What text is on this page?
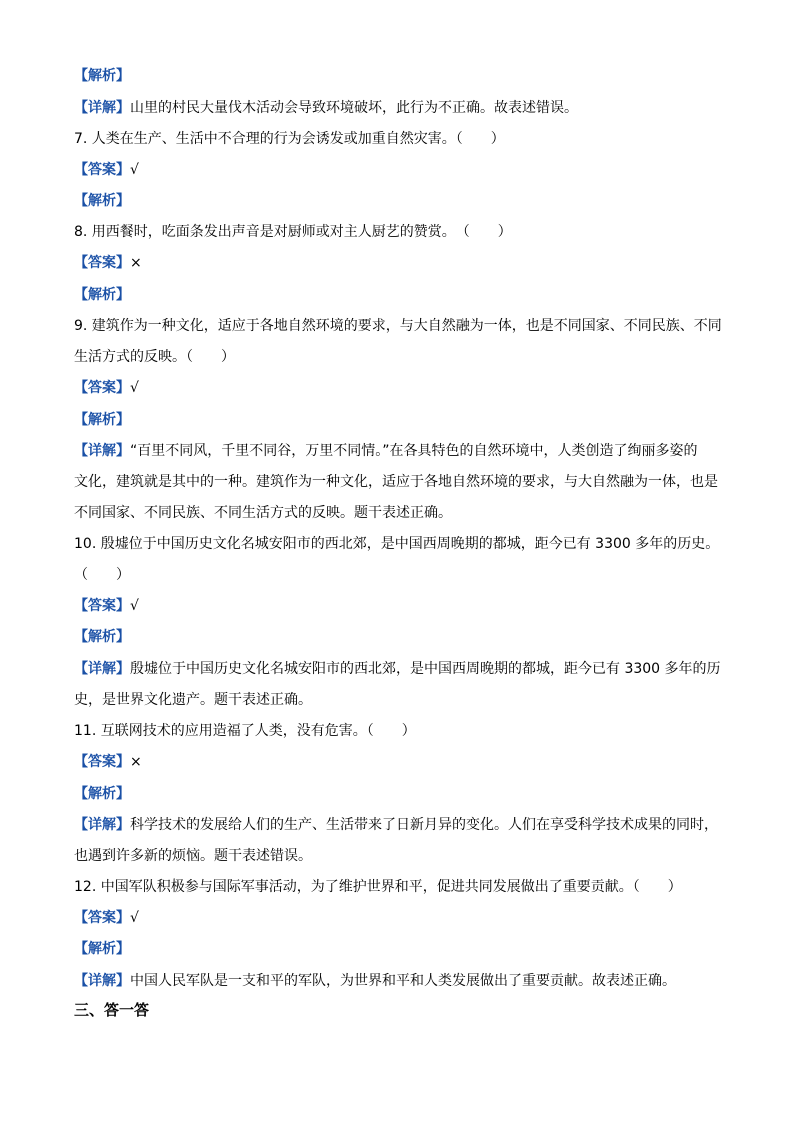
【解析】
【详解】山里的村民大量伐木活动会导致环境破坏，此行为不正确。故表述错误。
7. 人类在生产、生活中不合理的行为会诱发或加重自然灾害。（　　）
【答案】√
【解析】
8. 用西餐时，吃面条发出声音是对厨师或对主人厨艺的赞赏。　（　　）
【答案】×
【解析】
9. 建筑作为一种文化，适应于各地自然环境的要求，与大自然融为一体，也是不同国家、不同民族、不同
生活方式的反映。（　　）
【答案】√
【解析】
【详解】“百里不同风，千里不同谷，万里不同情。”在各具特色的自然环境中，人类创造了绚丽多姿的
文化，建筑就是其中的一种。建筑作为一种文化，适应于各地自然环境的要求，与大自然融为一体，也是
不同国家、不同民族、不同生活方式的反映。题干表述正确。
10. 殷墟位于中国历史文化名城安阳市的西北郊，是中国西周晚期的都城，距今已有 3300 多年的历史。
（　　）
【答案】√
【解析】
【详解】殷墟位于中国历史文化名城安阳市的西北郊，是中国西周晚期的都城，距今已有 3300 多年的历
史，是世界文化遗产。题干表述正确。
11. 互联网技术的应用造福了人类，没有危害。（　　）
【答案】×
【解析】
【详解】科学技术的发展给人们的生产、生活带来了日新月异的变化。人们在享受科学技术成果的同时，
也遇到许多新的烦恼。题干表述错误。
12. 中国军队积极参与国际军事活动，为了维护世界和平，促进共同发展做出了重要贡献。（　　）
【答案】√
【解析】
【详解】中国人民军队是一支和平的军队，为世界和平和人类发展做出了重要贡献。故表述正确。
三、答一答
